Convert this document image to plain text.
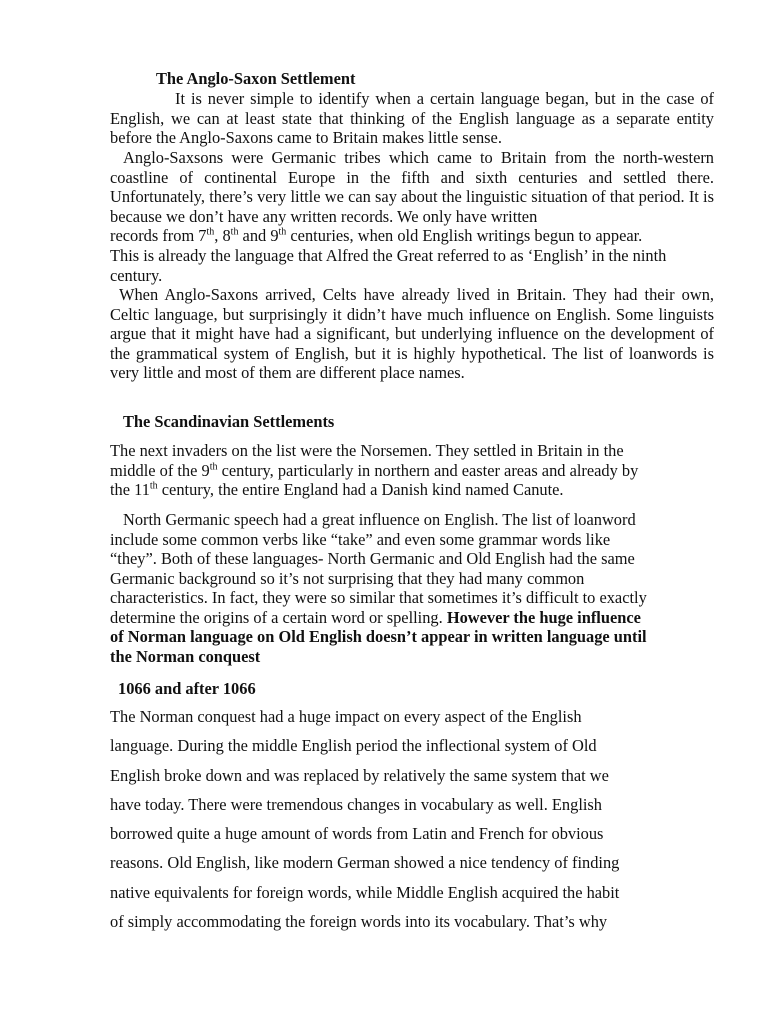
The Anglo-Saxon Settlement

It is never simple to identify when a certain language began, but in the case of English, we can at least state that thinking of the English language as a separate entity before the Anglo-Saxons came to Britain makes little sense.

Anglo-Saxsons were Germanic tribes which came to Britain from the north-western coastline of continental Europe in the fifth and sixth centuries and settled there. Unfortunately, there’s very little we can say about the linguistic situation of that period. It is because we don’t have any written records. We only have written

records from 7th, 8th and 9th centuries, when old English writings begun to appear.

This is already the language that Alfred the Great referred to as ‘English’ in the ninth century.

When Anglo-Saxons arrived, Celts have already lived in Britain. They had their own, Celtic language, but surprisingly it didn’t have much influence on English. Some linguists argue that it might have had a significant, but underlying influence on the development of the grammatical system of English, but it is highly hypothetical. The list of loanwords is very little and most of them are different place names.

The Scandinavian Settlements
The next invaders on the list were the Norsemen. They settled in Britain in the
middle of the 9th century, particularly in northern and easter areas and already by
the 11th century, the entire England had a Danish kind named Canute.
North Germanic speech had a great influence on English. The list of loanword
include some common verbs like “take” and even some grammar words like
“they”. Both of these languages- North Germanic and Old English had the same
Germanic background so it’s not surprising that they had many common
characteristics. In fact, they were so similar that sometimes it’s difficult to exactly
determine the origins of a certain word or spelling. However the huge influence
of Norman language on Old English doesn’t appear in written language until
the Norman conquest
1066 and after 1066
The Norman conquest had a huge impact on every aspect of the English
language. During the middle English period the inflectional system of Old
English broke down and was replaced by relatively the same system that we
have today. There were tremendous changes in vocabulary as well. English
borrowed quite a huge amount of words from Latin and French for obvious
reasons. Old English, like modern German showed a nice tendency of finding
native equivalents for foreign words, while Middle English acquired the habit
of simply accommodating the foreign words into its vocabulary. That’s why
